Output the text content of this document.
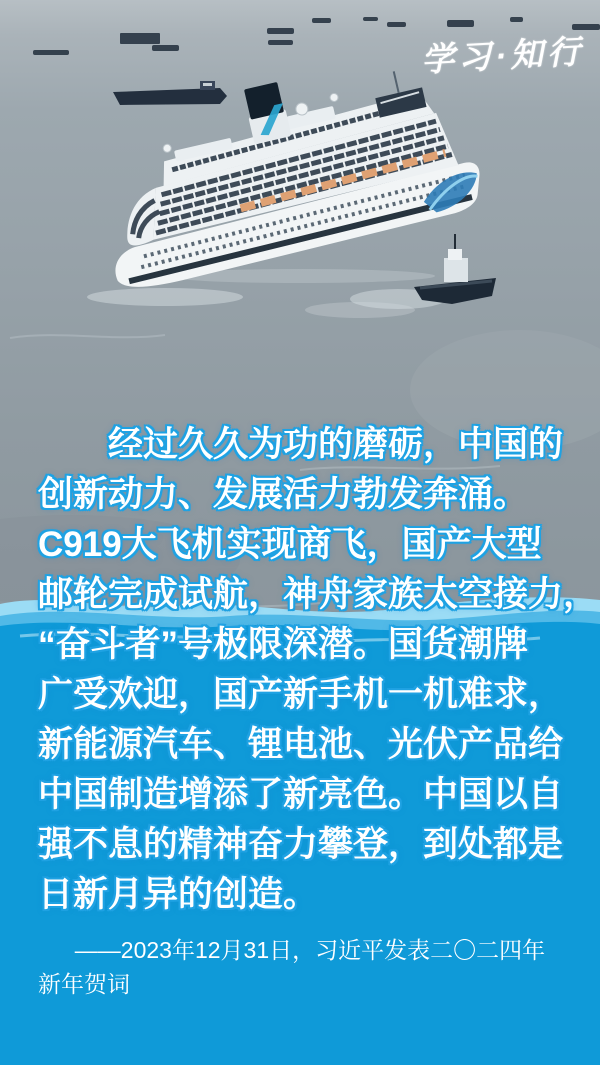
学习·知行
经过久久为功的磨砺，中国的
创新动力、发展活力勃发奔涌。
C919大飞机实现商飞，国产大型
邮轮完成试航，神舟家族太空接力，
“奋斗者”号极限深潜。国货潮牌
广受欢迎，国产新手机一机难求，
新能源汽车、锂电池、光伏产品给
中国制造增添了新亮色。中国以自
强不息的精神奋力攀登，到处都是
日新月异的创造。
——2023年12月31日，习近平发表二〇二四年
新年贺词
